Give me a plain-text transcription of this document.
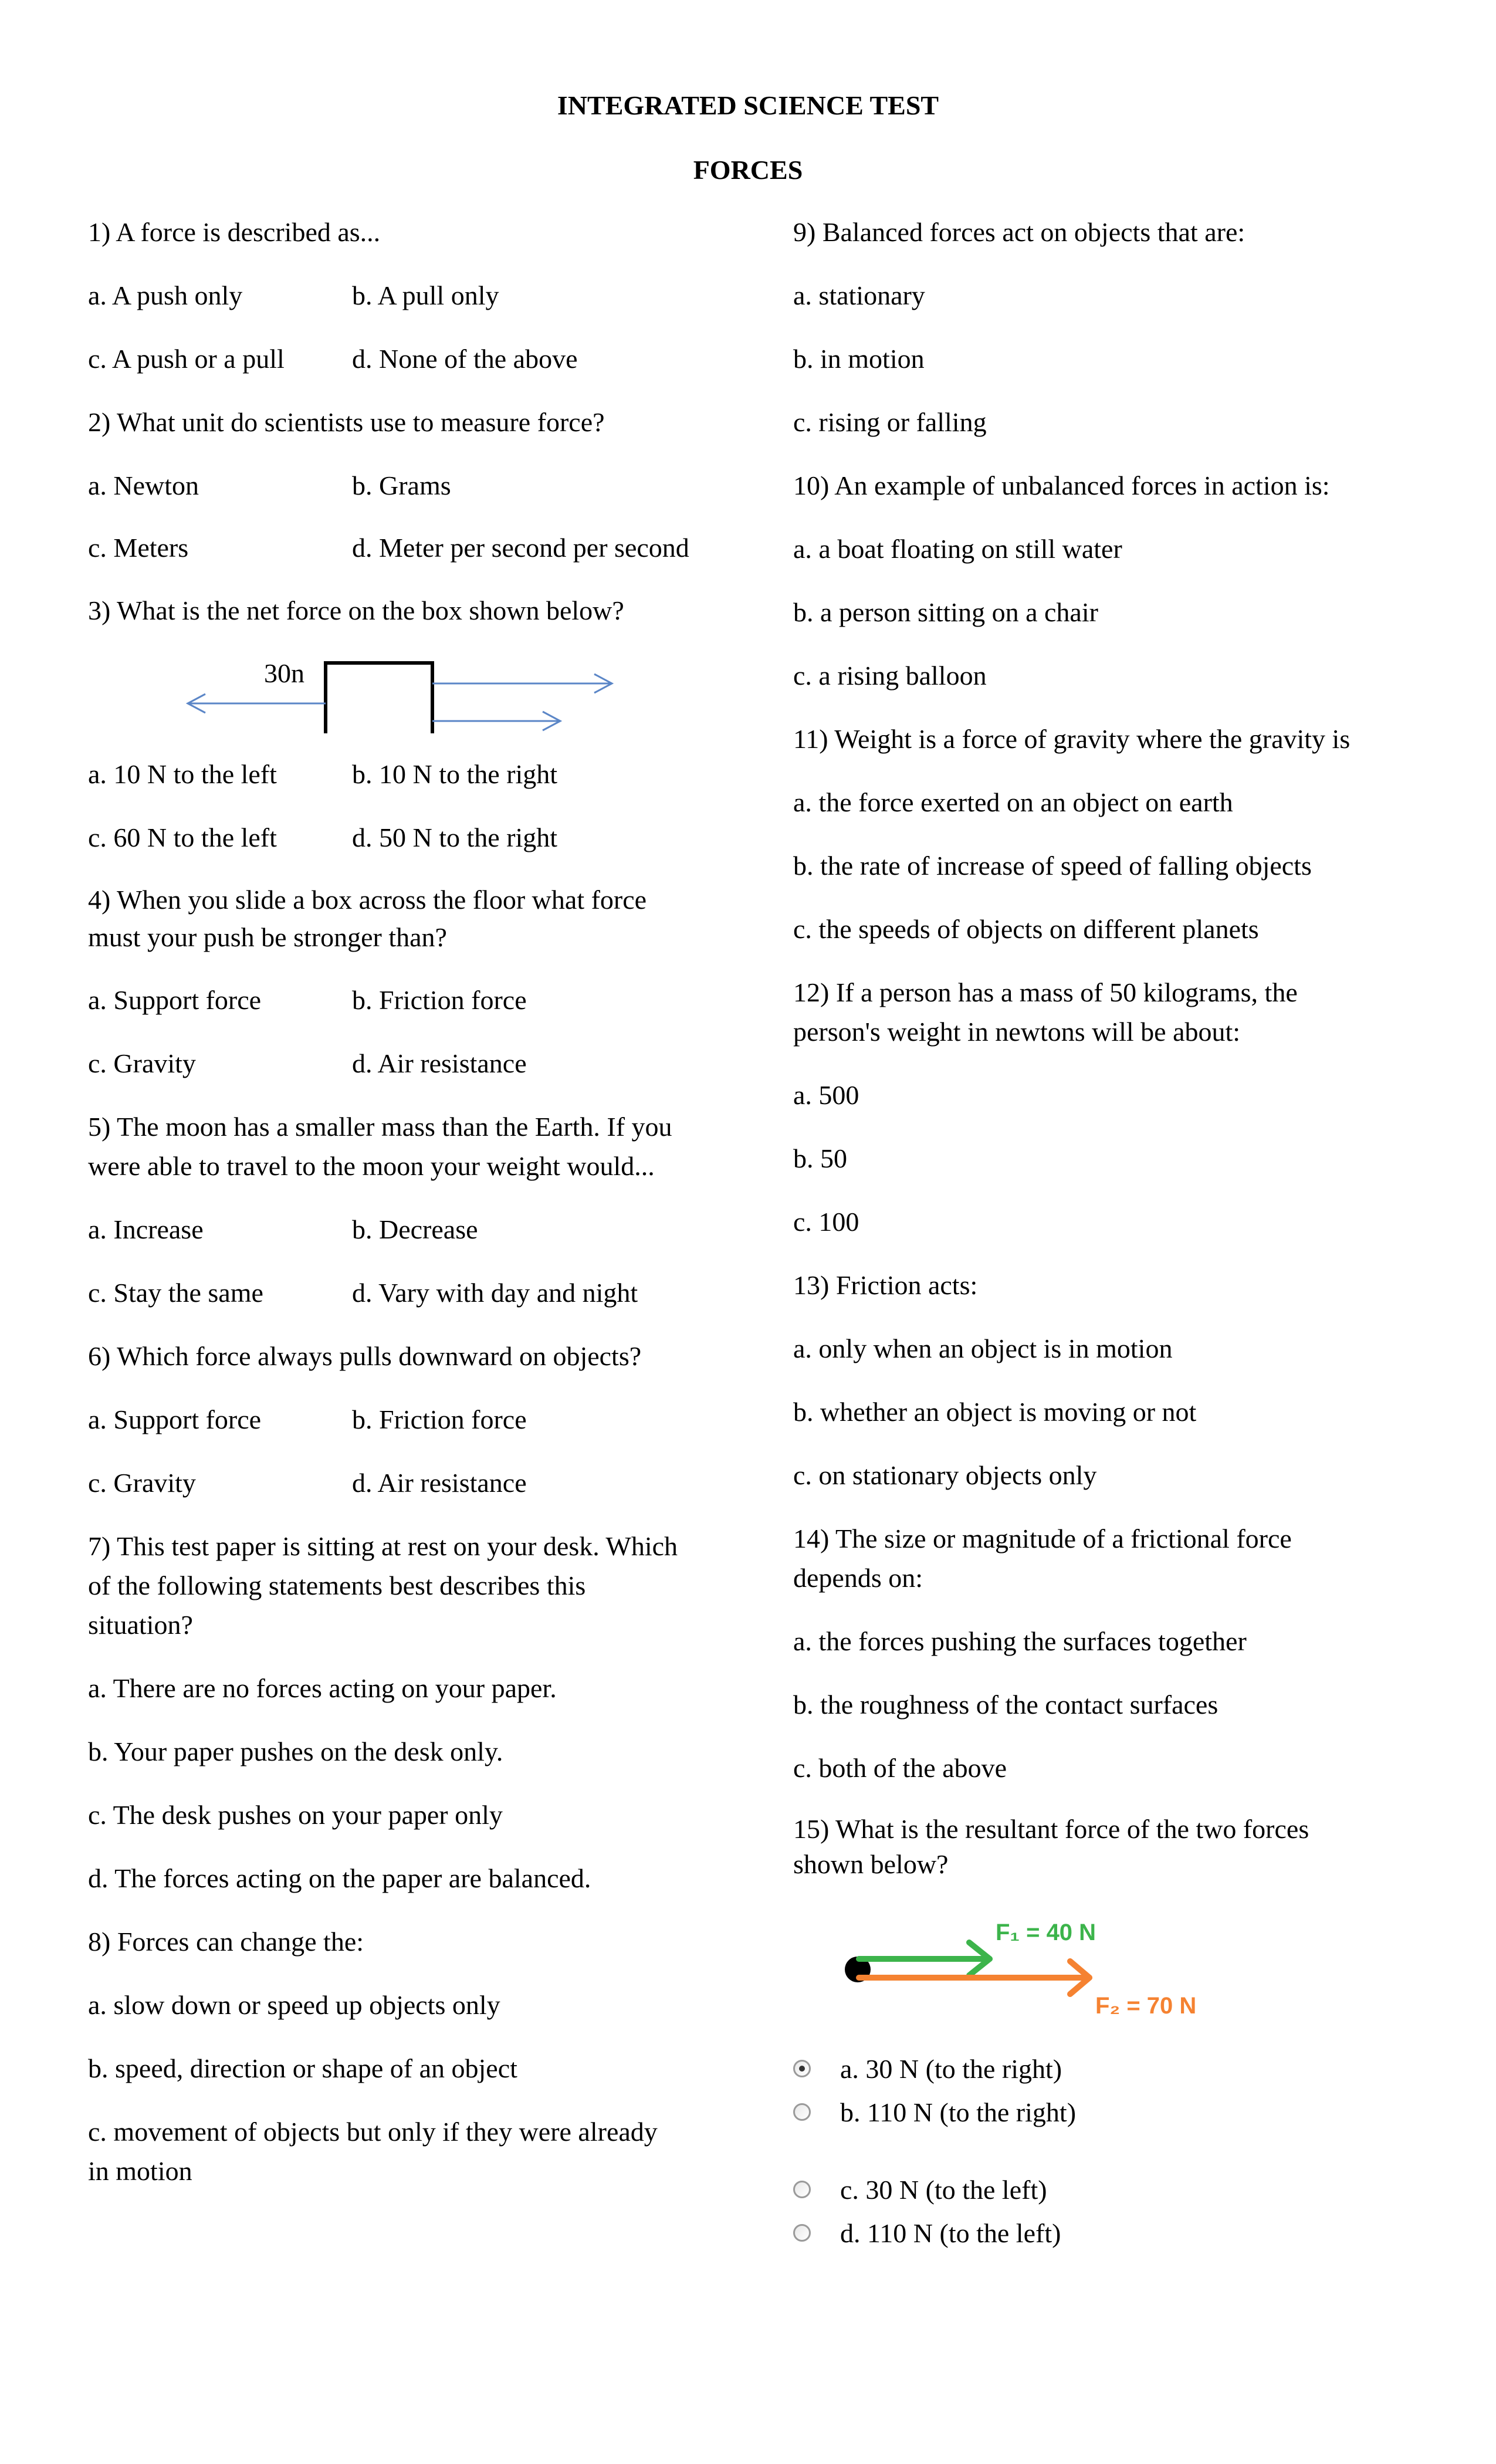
INTEGRATED SCIENCE TEST
FORCES
1) A force is described as...
a. A push only	b. A pull only
c. A push or a pull	d. None of the above
2) What unit do scientists use to measure force?
a. Newton	b. Grams
c. Meters	d. Meter per second per second
3) What is the net force on the box shown below?
30n
a. 10 N to the left	b. 10 N to the right
c. 60 N to the left	d. 50 N to the right
4) When you slide a box across the floor what force must your push be stronger than?
a. Support force	b. Friction force
c. Gravity	d. Air resistance
5) The moon has a smaller mass than the Earth. If you were able to travel to the moon your weight would...
a. Increase	b. Decrease
c. Stay the same	d. Vary with day and night
6) Which force always pulls downward on objects?
a. Support force	b. Friction force
c. Gravity	d. Air resistance
7) This test paper is sitting at rest on your desk. Which of the following statements best describes this situation?
a. There are no forces acting on your paper.
b. Your paper pushes on the desk only.
c. The desk pushes on your paper only
d. The forces acting on the paper are balanced.
8) Forces can change the:
a. slow down or speed up objects only
b. speed, direction or shape of an object
c. movement of objects but only if they were already in motion
9) Balanced forces act on objects that are:
a. stationary
b. in motion
c. rising or falling
10) An example of unbalanced forces in action is:
a. a boat floating on still water
b. a person sitting on a chair
c. a rising balloon
11) Weight is a force of gravity where the gravity is
a. the force exerted on an object on earth
b. the rate of increase of speed of falling objects
c. the speeds of objects on different planets
12) If a person has a mass of 50 kilograms, the person's weight in newtons will be about:
a. 500
b. 50
c. 100
13) Friction acts:
a. only when an object is in motion
b. whether an object is moving or not
c. on stationary objects only
14) The size or magnitude of a frictional force depends on:
a. the forces pushing the surfaces together
b. the roughness of the contact surfaces
c. both of the above
15) What is the resultant force of the two forces shown below?
F₁ = 40 N
F₂ = 70 N
a. 30 N (to the right)
b. 110 N (to the right)
c. 30 N (to the left)
d. 110 N (to the left)
